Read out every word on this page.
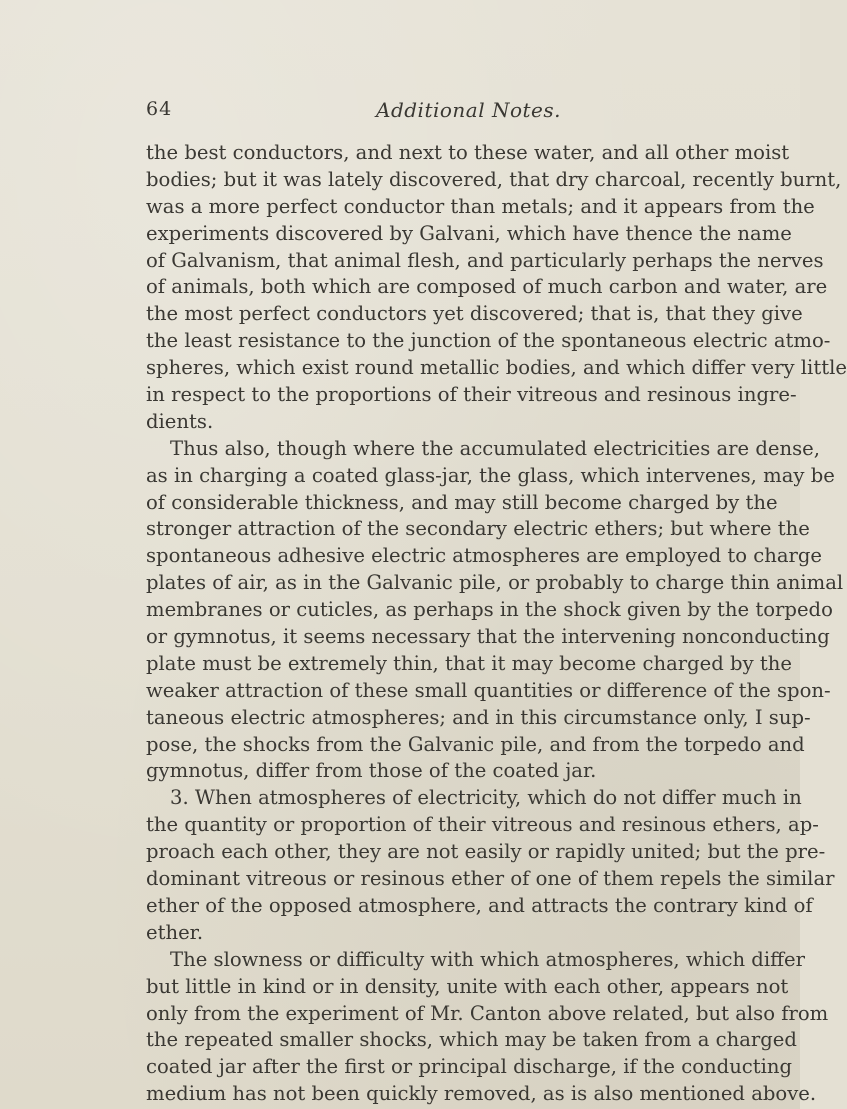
64	Additional Notes.
the best conductors, and next to these water, and all other moist
bodies; but it was lately discovered, that dry charcoal, recently burnt,
was a more perfect conductor than metals; and it appears from the
experiments discovered by Galvani, which have thence the name
of Galvanism, that animal flesh, and particularly perhaps the nerves
of animals, both which are composed of much carbon and water, are
the most perfect conductors yet discovered; that is, that they give
the least resistance to the junction of the spontaneous electric atmo-
spheres, which exist round metallic bodies, and which differ very little
in respect to the proportions of their vitreous and resinous ingre-
dients.
Thus also, though where the accumulated electricities are dense,
as in charging a coated glass-jar, the glass, which intervenes, may be
of considerable thickness, and may still become charged by the
stronger attraction of the secondary electric ethers; but where the
spontaneous adhesive electric atmospheres are employed to charge
plates of air, as in the Galvanic pile, or probably to charge thin animal
membranes or cuticles, as perhaps in the shock given by the torpedo
or gymnotus, it seems necessary that the intervening nonconducting
plate must be extremely thin, that it may become charged by the
weaker attraction of these small quantities or difference of the spon-
taneous electric atmospheres; and in this circumstance only, I sup-
pose, the shocks from the Galvanic pile, and from the torpedo and
gymnotus, differ from those of the coated jar.
3. When atmospheres of electricity, which do not differ much in
the quantity or proportion of their vitreous and resinous ethers, ap-
proach each other, they are not easily or rapidly united; but the pre-
dominant vitreous or resinous ether of one of them repels the similar
ether of the opposed atmosphere, and attracts the contrary kind of
ether.
The slowness or difficulty with which atmospheres, which differ
but little in kind or in density, unite with each other, appears not
only from the experiment of Mr. Canton above related, but also from
the repeated smaller shocks, which may be taken from a charged
coated jar after the first or principal discharge, if the conducting
medium has not been quickly removed, as is also mentioned above.
